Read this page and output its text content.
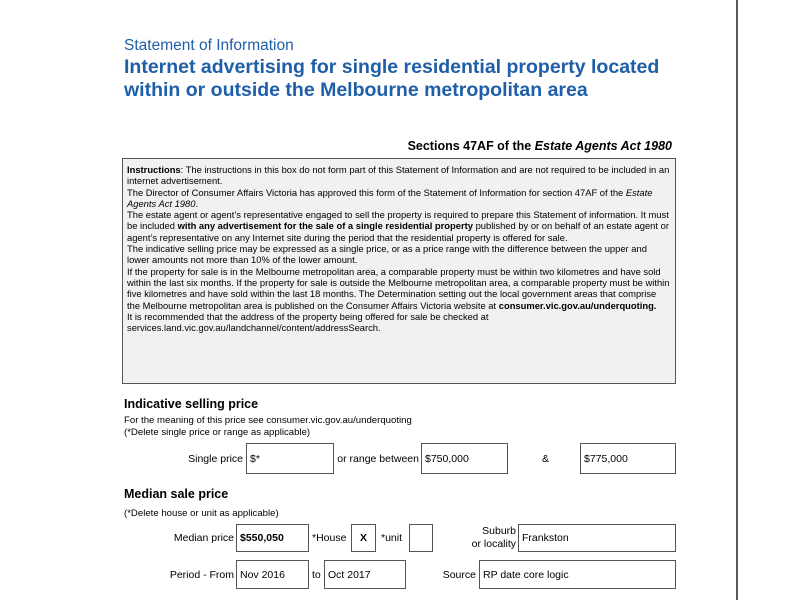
Statement of Information
Internet advertising for single residential property located within or outside the Melbourne metropolitan area
Sections 47AF of the Estate Agents Act 1980

Instructions: The instructions in this box do not form part of this Statement of Information and are not required to be included in an internet advertisement.

The Director of Consumer Affairs Victoria has approved this form of the Statement of Information for section 47AF of the Estate Agents Act 1980.

The estate agent or agent’s representative engaged to sell the property is required to prepare this Statement of information. It must be included with any advertisement for the sale of a single residential property published by or on behalf of an estate agent or agent’s representative on any Internet site during the period that the residential property is offered for sale.

The indicative selling price may be expressed as a single price, or as a price range with the difference between the upper and lower amounts not more than 10% of the lower amount.

If the property for sale is in the Melbourne metropolitan area, a comparable property must be within two kilometres and have sold within the last six months. If the property for sale is outside the Melbourne metropolitan area, a comparable property must be within five kilometres and have sold within the last 18 months. The Determination setting out the local government areas that comprise the Melbourne metropolitan area is published on the Consumer Affairs Victoria website at consumer.vic.gov.au/underquoting.

It is recommended that the address of the property being offered for sale be checked at services.land.vic.gov.au/landchannel/content/addressSearch.

Indicative selling price
For the meaning of this price see consumer.vic.gov.au/underquoting
(*Delete single price or range as applicable)
Single price $*	or range between $750,000	&	$775,000
Median sale price
(*Delete house or unit as applicable)
Median price $550,050	*House	X	*unit
Suburb
or locality Frankston
Period - From Nov 2016	to Oct 2017	Source RP date core logic
